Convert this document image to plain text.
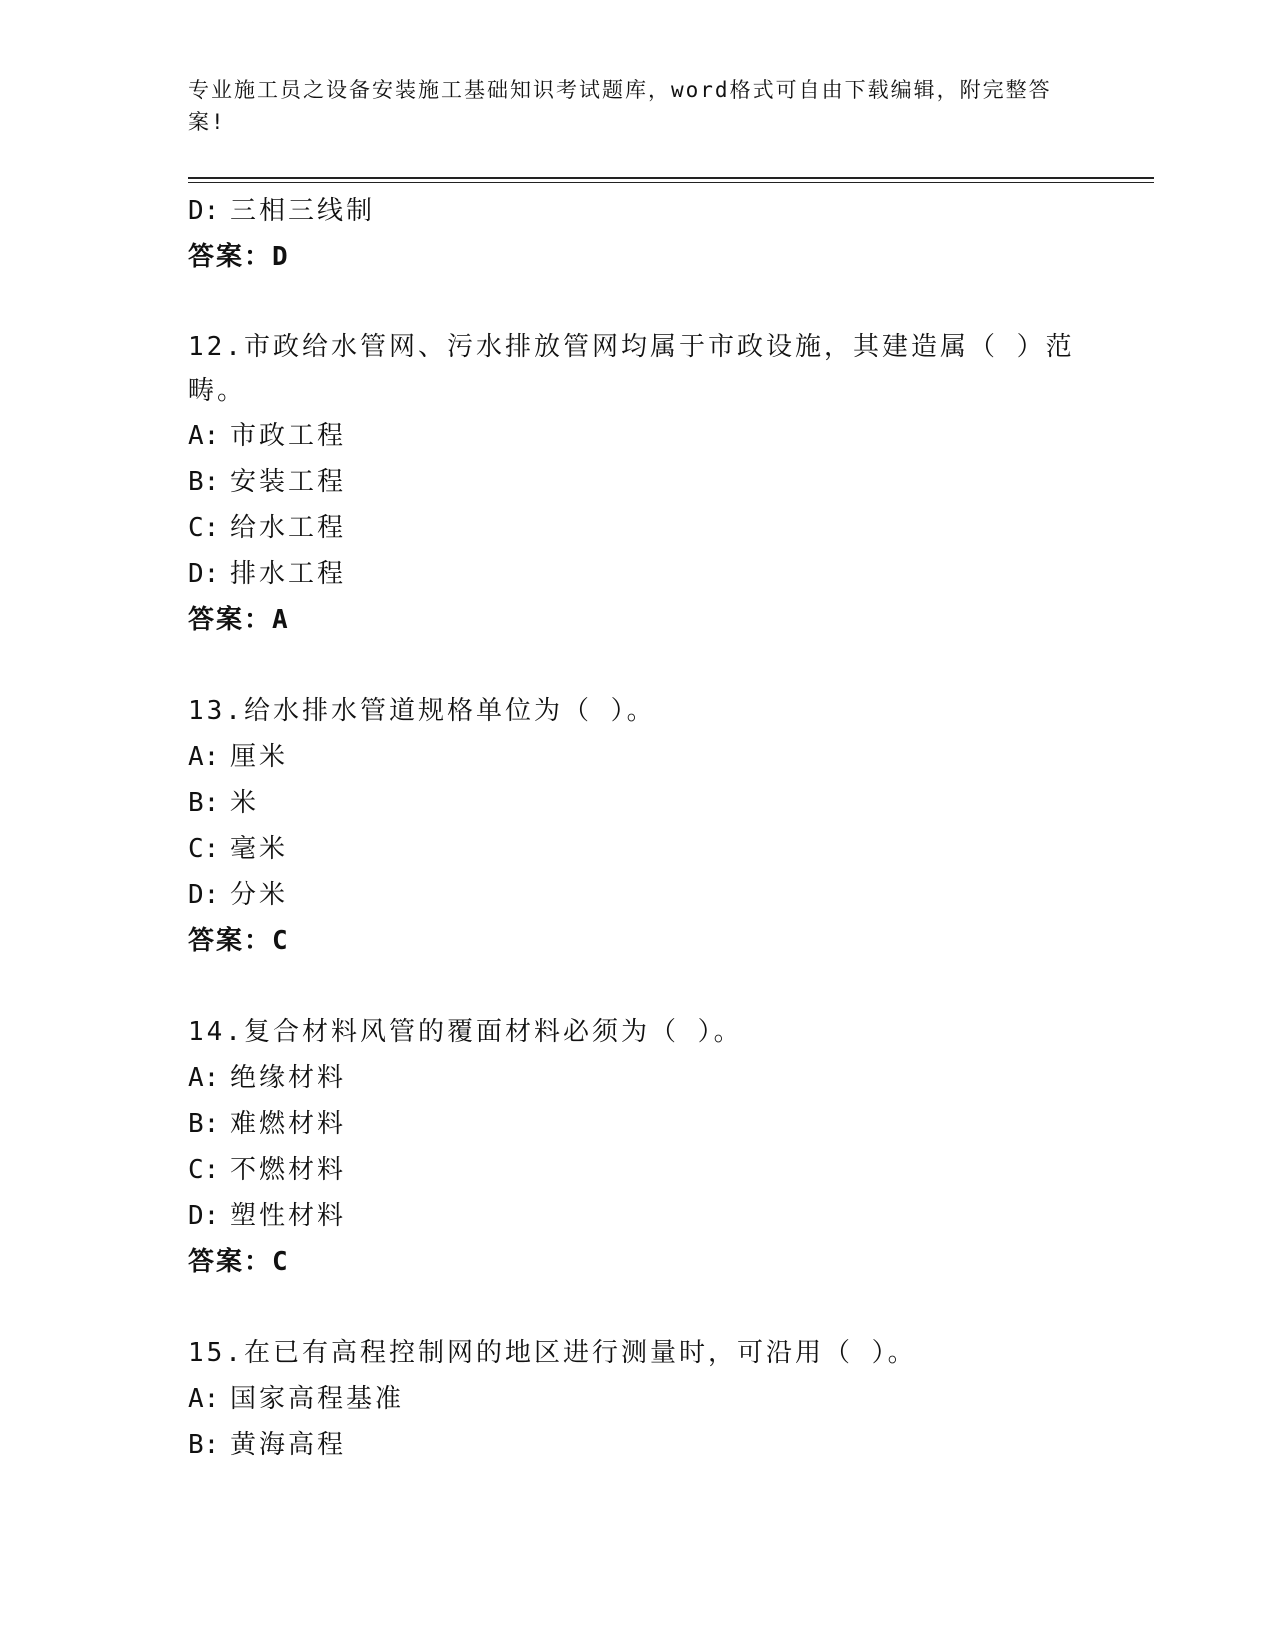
专业施工员之设备安装施工基础知识考试题库，word格式可自由下载编辑，附完整答案!
D: 三相三线制
答案：D
12.市政给水管网、污水排放管网均属于市政设施，其建造属（ ）范畴。
A: 市政工程
B: 安装工程
C: 给水工程
D: 排水工程
答案：A
13.给水排水管道规格单位为（ ）。
A: 厘米
B: 米
C: 毫米
D: 分米
答案：C
14.复合材料风管的覆面材料必须为（ ）。
A: 绝缘材料
B: 难燃材料
C: 不燃材料
D: 塑性材料
答案：C
15.在已有高程控制网的地区进行测量时，可沿用（ ）。
A: 国家高程基准
B: 黄海高程
